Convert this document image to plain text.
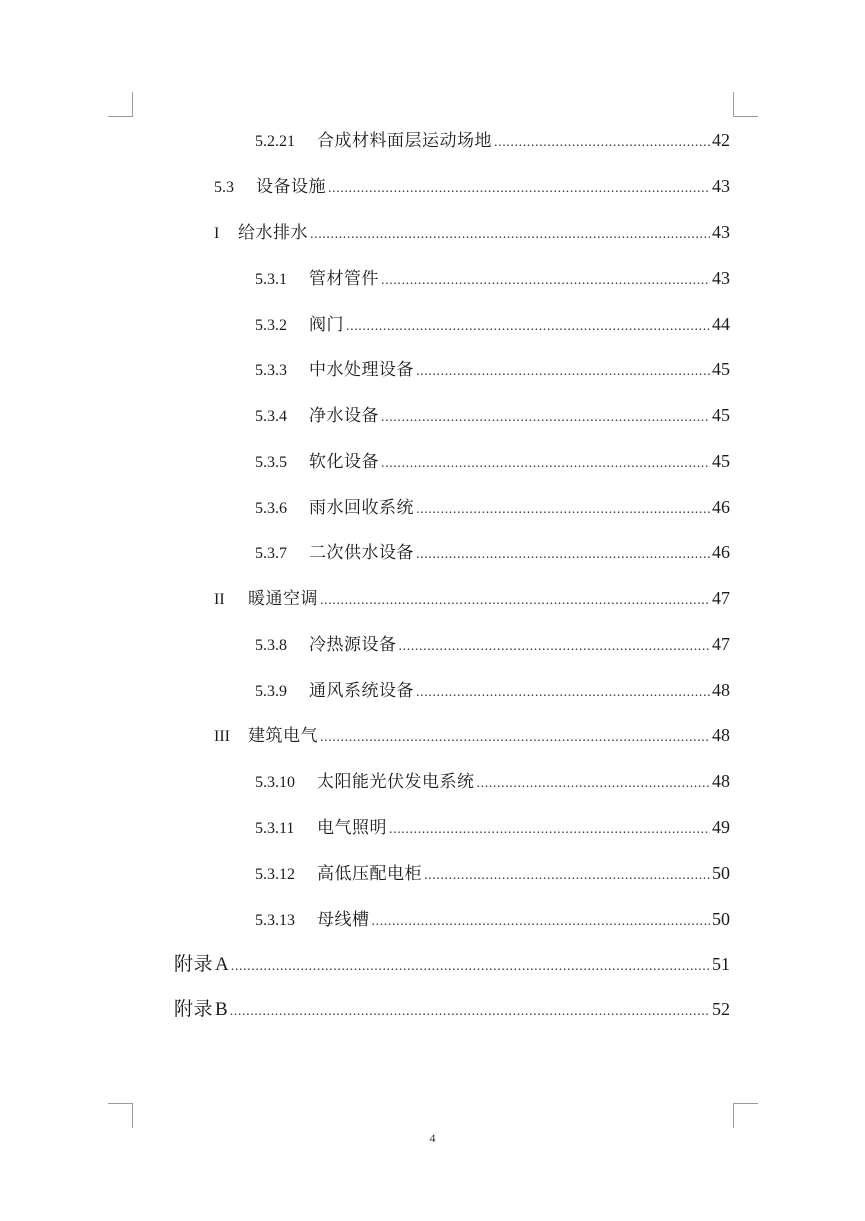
5.2.21	合成材料面层运动场地 .....	42
5.3	设备设施 .....	43
I	给水排水 .....	43
5.3.1	管材管件 .....	43
5.3.2	阀门 .....	44
5.3.3	中水处理设备 .....	45
5.3.4	净水设备 .....	45
5.3.5	软化设备 .....	45
5.3.6	雨水回收系统 .....	46
5.3.7	二次供水设备 .....	46
II	暖通空调 .....	47
5.3.8	冷热源设备 .....	47
5.3.9	通风系统设备 .....	48
III	建筑电气 .....	48
5.3.10	太阳能光伏发电系统 .....	48
5.3.11	电气照明 .....	49
5.3.12	高低压配电柜 .....	50
5.3.13	母线槽 .....	50
附录 A .....	51
附录 B .....	52
4
